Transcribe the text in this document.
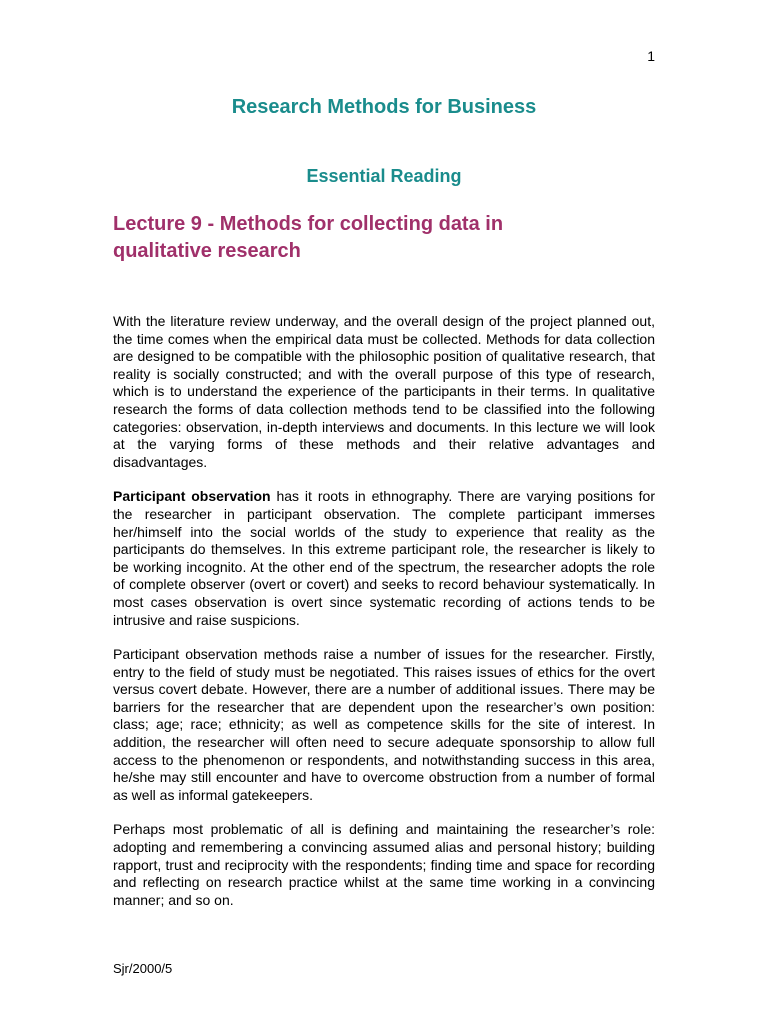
1
Research Methods for Business
Essential Reading
Lecture 9 - Methods for collecting data in qualitative research

With the literature review underway, and the overall design of the project planned out, the time comes when the empirical data must be collected. Methods for data collection are designed to be compatible with the philosophic position of qualitative research, that reality is socially constructed; and with the overall purpose of this type of research, which is to understand the experience of the participants in their terms. In qualitative research the forms of data collection methods tend to be classified into the following categories: observation, in-depth interviews and documents. In this lecture we will look at the varying forms of these methods and their relative advantages and disadvantages.

Participant observation has it roots in ethnography. There are varying positions for the researcher in participant observation. The complete participant immerses her/himself into the social worlds of the study to experience that reality as the participants do themselves. In this extreme participant role, the researcher is likely to be working incognito. At the other end of the spectrum, the researcher adopts the role of complete observer (overt or covert) and seeks to record behaviour systematically. In most cases observation is overt since systematic recording of actions tends to be intrusive and raise suspicions.

Participant observation methods raise a number of issues for the researcher. Firstly, entry to the field of study must be negotiated. This raises issues of ethics for the overt versus covert debate. However, there are a number of additional issues. There may be barriers for the researcher that are dependent upon the researcher’s own position: class; age; race; ethnicity; as well as competence skills for the site of interest. In addition, the researcher will often need to secure adequate sponsorship to allow full access to the phenomenon or respondents, and notwithstanding success in this area, he/she may still encounter and have to overcome obstruction from a number of formal as well as informal gatekeepers.

Perhaps most problematic of all is defining and maintaining the researcher’s role: adopting and remembering a convincing assumed alias and personal history; building rapport, trust and reciprocity with the respondents; finding time and space for recording and reflecting on research practice whilst at the same time working in a convincing manner; and so on.

Sjr/2000/5
